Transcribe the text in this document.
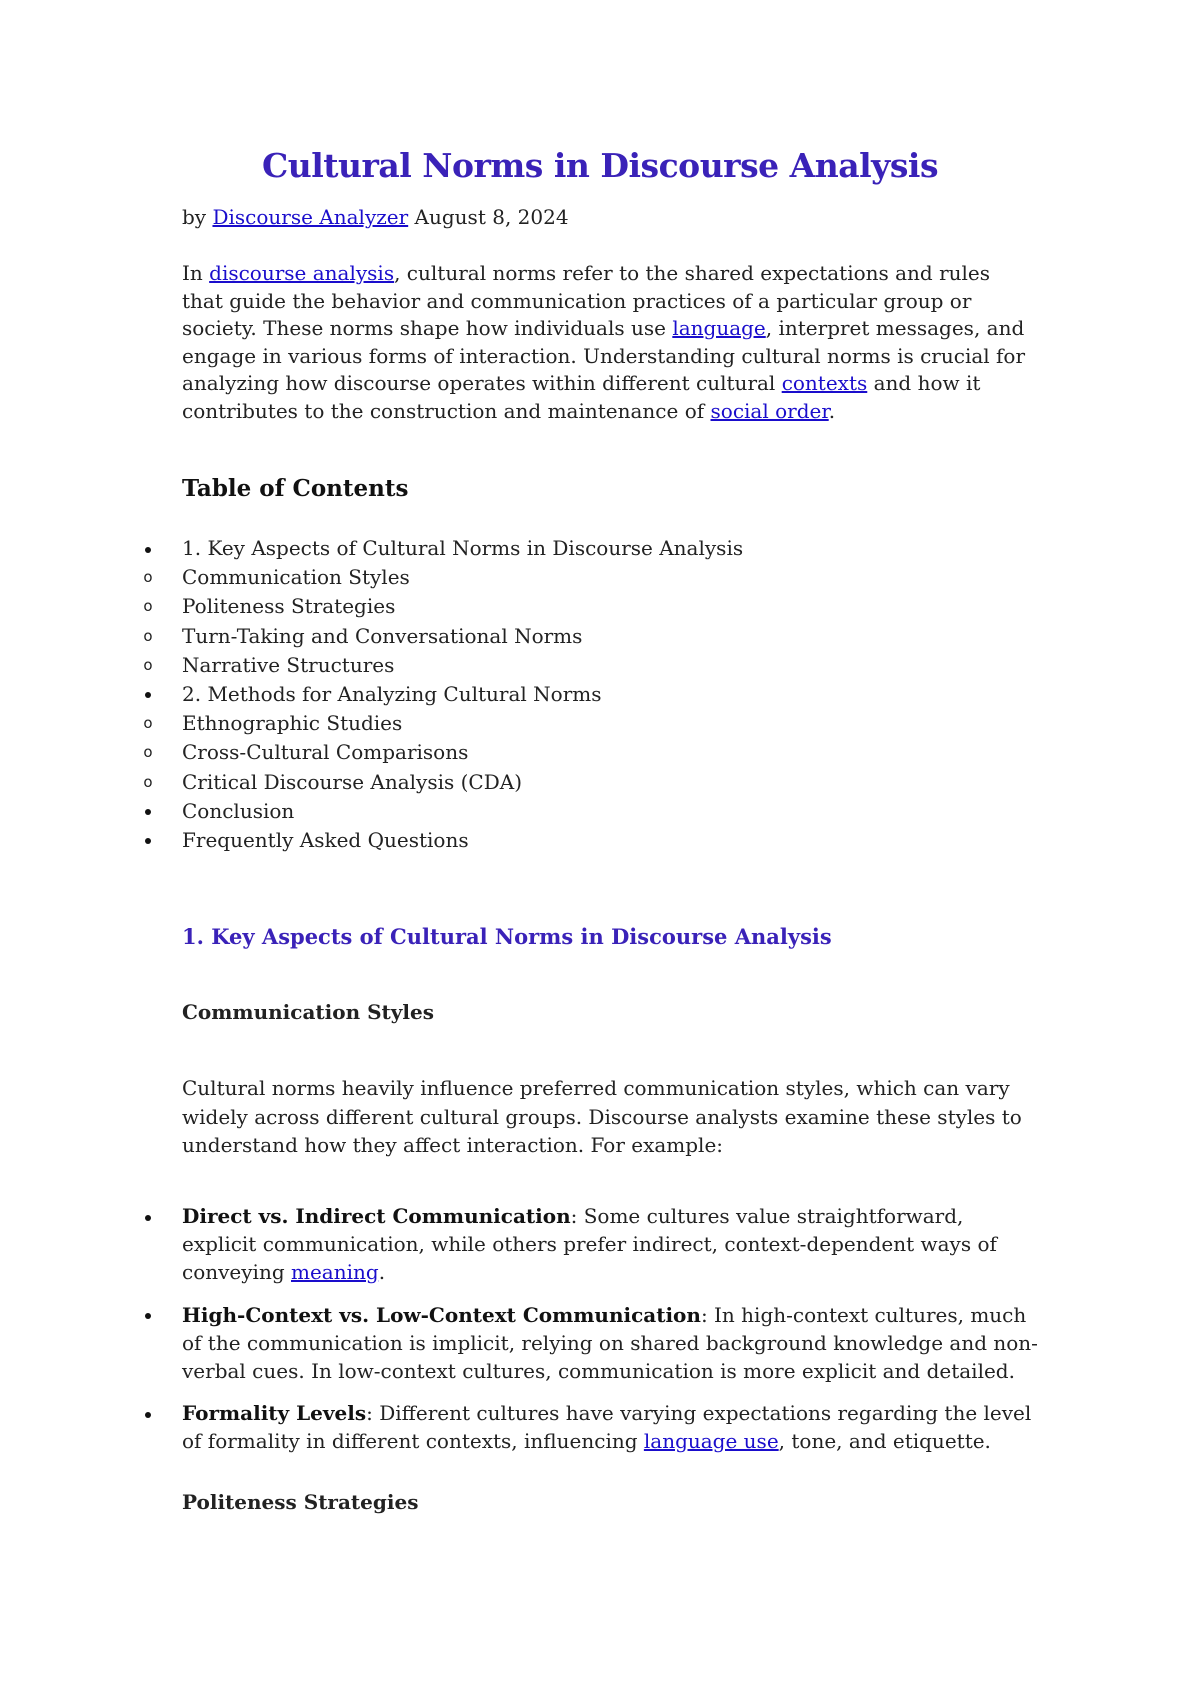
Cultural Norms in Discourse Analysis
by Discourse Analyzer August 8, 2024
In discourse analysis, cultural norms refer to the shared expectations and rules that guide the behavior and communication practices of a particular group or society. These norms shape how individuals use language, interpret messages, and engage in various forms of interaction. Understanding cultural norms is crucial for analyzing how discourse operates within different cultural contexts and how it contributes to the construction and maintenance of social order.
Table of Contents
1. Key Aspects of Cultural Norms in Discourse Analysis
o Communication Styles
o Politeness Strategies
o Turn-Taking and Conversational Norms
o Narrative Structures
2. Methods for Analyzing Cultural Norms
o Ethnographic Studies
o Cross-Cultural Comparisons
o Critical Discourse Analysis (CDA)
Conclusion
Frequently Asked Questions
1. Key Aspects of Cultural Norms in Discourse Analysis
Communication Styles
Cultural norms heavily influence preferred communication styles, which can vary widely across different cultural groups. Discourse analysts examine these styles to understand how they affect interaction. For example:
Direct vs. Indirect Communication: Some cultures value straightforward, explicit communication, while others prefer indirect, context-dependent ways of conveying meaning.
High-Context vs. Low-Context Communication: In high-context cultures, much of the communication is implicit, relying on shared background knowledge and non-verbal cues. In low-context cultures, communication is more explicit and detailed.
Formality Levels: Different cultures have varying expectations regarding the level of formality in different contexts, influencing language use, tone, and etiquette.
Politeness Strategies
